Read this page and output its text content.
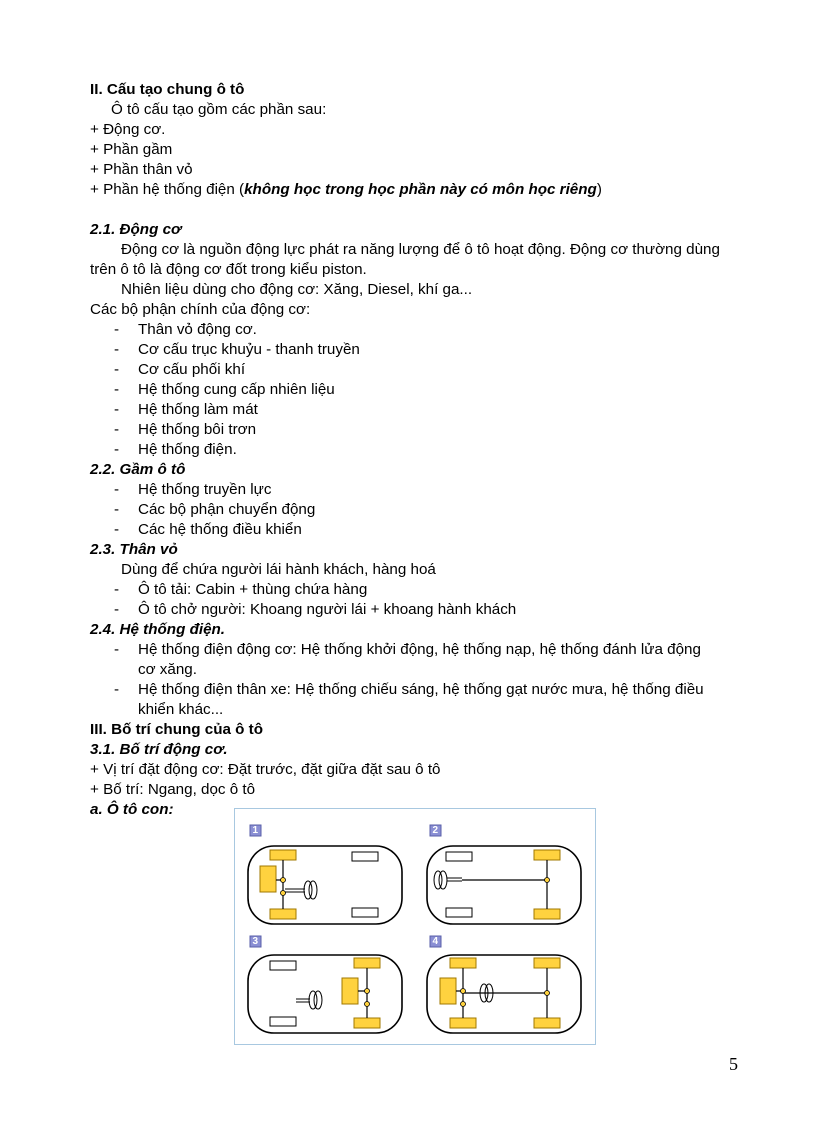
II. Cấu tạo chung ô tô
Ô tô cấu tạo gồm các phần sau:
+ Động cơ.
+ Phần gầm
+ Phần thân vỏ
+ Phần hệ thống điện (không học trong học phần này có môn học riêng)
2.1. Động cơ
Động cơ là nguồn động lực phát ra năng lượng để ô tô hoạt động. Động cơ thường dùng
trên ô tô là động cơ đốt trong kiểu piston.
Nhiên liệu dùng cho động cơ: Xăng, Diesel, khí ga...
Các bộ phận chính của động cơ:
- Thân vỏ động cơ.
- Cơ cấu trục khuỷu - thanh truyền
- Cơ cấu phối khí
- Hệ thống cung cấp nhiên liệu
- Hệ thống làm mát
- Hệ thống bôi trơn
- Hệ thống điện.
2.2. Gầm ô tô
- Hệ thống truyền lực
- Các bộ phận chuyển động
- Các hệ thống điều khiển
2.3. Thân vỏ
Dùng để chứa người lái hành khách, hàng hoá
- Ô tô tải: Cabin + thùng chứa hàng
- Ô tô chở người: Khoang người lái + khoang hành khách
2.4. Hệ thống điện.
- Hệ thống điện động cơ: Hệ thống khởi động, hệ thống nạp, hệ thống đánh lửa động
cơ xăng.
- Hệ thống điện thân xe: Hệ thống chiếu sáng, hệ thống gạt nước mưa, hệ thống điều
khiển khác...
III. Bố trí chung của ô tô
3.1. Bố trí động cơ.
+ Vị trí đặt động cơ: Đặt trước, đặt giữa đặt sau ô tô
+ Bố trí: Ngang, dọc ô tô
a. Ô tô con:
1	2
3	4
5
